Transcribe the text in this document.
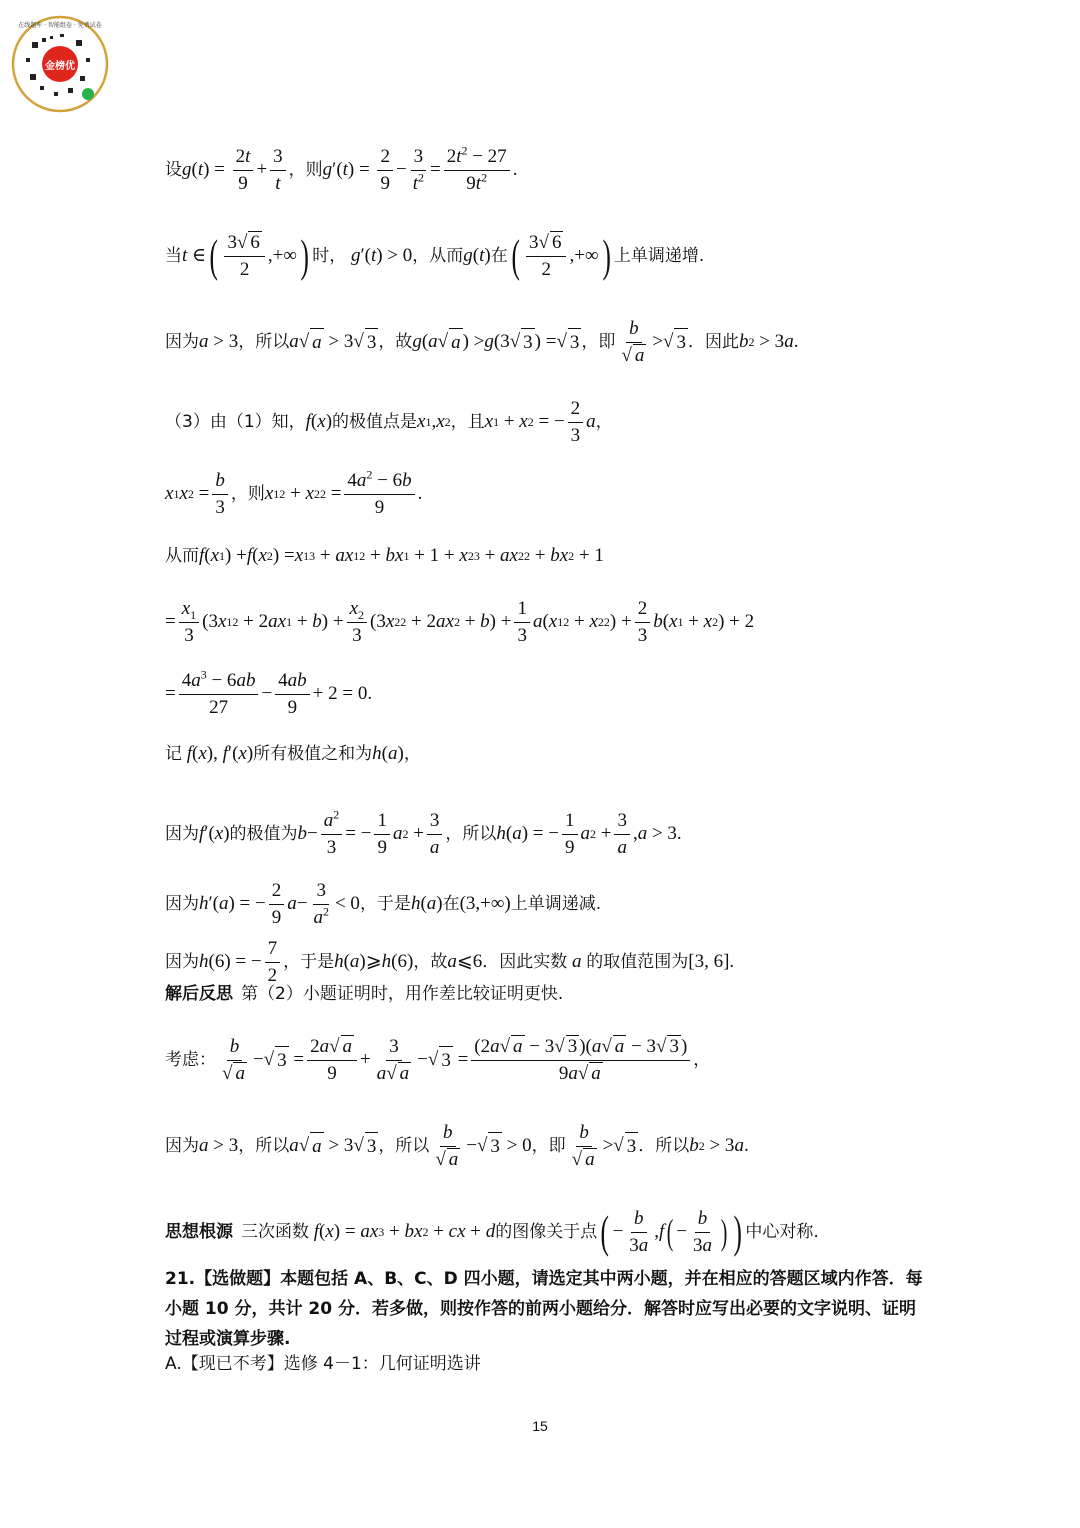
金榜优
在线题库 · 智能组卷 · 免费试卷
设 g ( t ) = $\frac{2t}{9} + \frac{3}{t}$ ，则 g ′( t ) = $\frac{2}{9} - \frac{3}{t^2} = \frac{2t^2 - 27}{9t^2}$ .
当 t ∈ ( $\frac{3 √ 6}{2}$ ,+∞ ) 时， g ′( t ) > 0 ，从而 g ( t ) 在 ( $\frac{3 √ 6}{2}$ ,+∞ ) 上单调递增.
因为 a > 3 ，所以 a √ a > 3 √ 3 ，故 g ( a √ a ) > g (3 √ 3 ) = √ 3 ，即 b
√ a > √ 3 ．因此 b 2 > 3 a .
（3）由（1）知， f ( x ) 的极值点是 x 1 , x 2 ，且 x 1 + x 2 = − $\frac{2}{3}$ a ，
x 1 x $2 = \frac{b}{3}$ ，则 x 1 2 + x 2 $2 = \frac{4a^2 - 6b}{9}$ .
从而 f ( x 1 ) + f ( x 2 ) = x 1 3 + ax 1 2 + bx 1 + 1 + x 2 3 + ax 2 2 + bx 2 + 1
= $\frac{x_1}{3} (3$ x 1 2 + 2 ax 1 + b ) + $\frac{x_2}{3} (3$ x 2 2 + 2 ax 2 + b ) + $\frac{1}{3}$ a ( x 1 2 + x 2 2 ) + $\frac{2}{3}$ b ( x 1 + x 2 ) + 2
= $\frac{4a^3 - 6ab}{27} - \frac{4ab}{9} + 2 = 0$.
记 f ( x ), f ′( x ) 所有极值之和为 h ( a ) ，
因为 f ′( x ) 的极值为 $b - \frac{a^2}{3}$ = − $\frac{1}{9}$ a $2 + \frac{3}{a}$ ，所以 h ( a ) = − $\frac{1}{9}$ a $2 + \frac{3}{a}$ , a > 3.
因为 h ′( a ) = − $\frac{2}{9}$ $a - \frac{3}{a^2} < 0$ ，于是 h ( a ) 在 (3,+∞) 上单调递减.
因为 h (6) = − $\frac{7}{2}$ ，于是 h ( a )⩾ h (6) ，故 a ⩽6 ．因此实数 a 的取值范围为 [3, 6].
解后反思 第（2）小题证明时，用作差比较证明更快.
考虑： b
√ a − √ $3 = \frac{2a √ a}{9} + \frac{3}{a √ a}$ − √ $3 = \frac{(2a √ a - 3 √ 3 )(a √ a - 3 √ 3 )}{9a √ a}$ ，
因为 a > 3 ，所以 a √ a > 3 √ 3 ，所以 b
√ a − √ 3 > 0 ，即 b
√ a > √ 3 ．所以 b 2 > 3 a .
思想根源 三次函数 f ( x ) = ax 3 + bx 2 + cx + d 的图像关于点 ( − $\frac{b}{3a}$ , f ( − $\frac{b}{3a}$ ) ) 中心对称.
21.【选做题】本题包括 A、B、C、D 四小题，请选定其中两小题，并在相应的答题区域内作答．每小题 10 分，共计 20 分．若多做，则按作答的前两小题给分．解答时应写出必要的文字说明、证明过程或演算步骤.
A.【现已不考】选修 4－1：几何证明选讲
15
